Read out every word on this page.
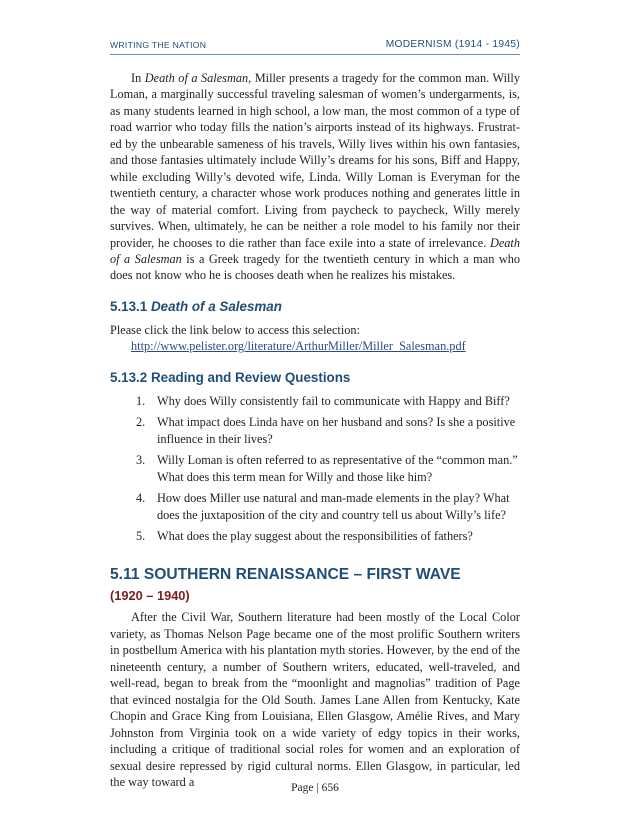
WRITING THE NATION	MODERNISM (1914 - 1945)

In Death of a Salesman, Miller presents a tragedy for the common man. Willy Loman, a marginally successful traveling salesman of women’s undergarments, is, as many students learned in high school, a low man, the most common of a type of road warrior who today fills the nation’s airports instead of its highways. Frustrated by the unbearable sameness of his travels, Willy lives within his own fantasies, and those fantasies ultimately include Willy’s dreams for his sons, Biff and Happy, while excluding Willy’s devoted wife, Linda. Willy Loman is Everyman for the twentieth century, a character whose work produces nothing and generates little in the way of material comfort. Living from paycheck to paycheck, Willy merely survives. When, ultimately, he can be neither a role model to his family nor their provider, he chooses to die rather than face exile into a state of irrelevance. Death of a Salesman is a Greek tragedy for the twentieth century in which a man who does not know who he is chooses death when he realizes his mistakes.

5.13.1 Death of a Salesman

Please click the link below to access this selection:

http://www.pelister.org/literature/ArthurMiller/Miller_Salesman.pdf

5.13.2 Reading and Review Questions
1. Why does Willy consistently fail to communicate with Happy and Biff?
2. What impact does Linda have on her husband and sons? Is she a positive influence in their lives?
3. Willy Loman is often referred to as representative of the “common man.” What does this term mean for Willy and those like him?
4. How does Miller use natural and man-made elements in the play? What does the juxtaposition of the city and country tell us about Willy’s life?
5. What does the play suggest about the responsibilities of fathers?
5.11 SOUTHERN RENAISSANCE – FIRST WAVE
(1920 – 1940)

After the Civil War, Southern literature had been mostly of the Local Color variety, as Thomas Nelson Page became one of the most prolific Southern writers in postbellum America with his plantation myth stories. However, by the end of the nineteenth century, a number of Southern writers, educated, well-traveled, and well-read, began to break from the “moonlight and magnolias” tradition of Page that evinced nostalgia for the Old South. James Lane Allen from Kentucky, Kate Chopin and Grace King from Louisiana, Ellen Glasgow, Amélie Rives, and Mary Johnston from Virginia took on a wide variety of edgy topics in their works, including a critique of traditional social roles for women and an exploration of sexual desire repressed by rigid cultural norms. Ellen Glasgow, in particular, led the way toward a	Page | 656
